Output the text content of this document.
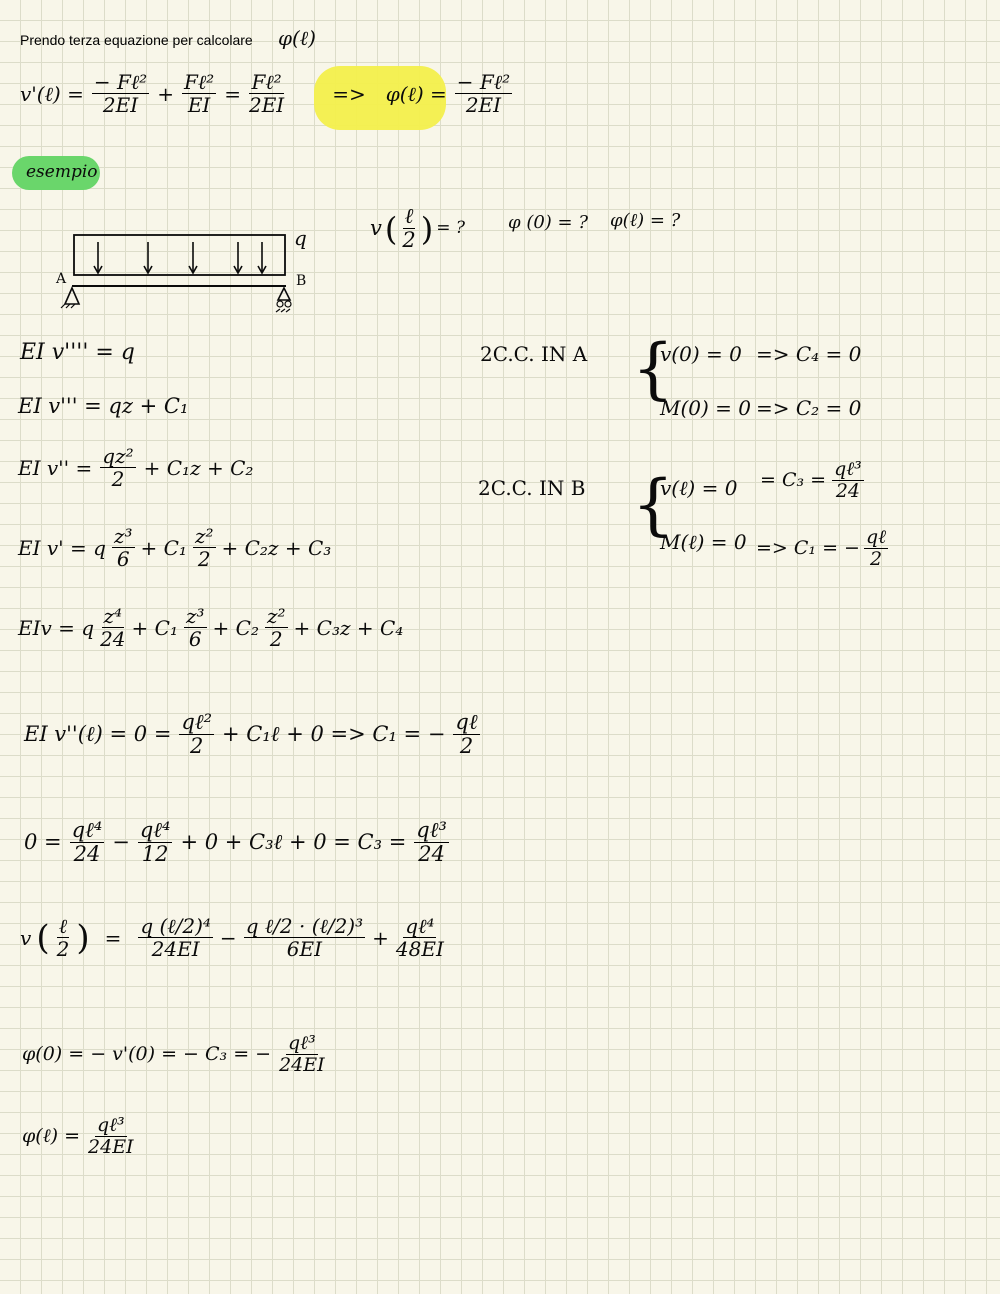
Prendo terza equazione per calcolare φ(ℓ)
v'(ℓ) = $\frac{\text{− Fℓ²}}{2EI} + \frac{\text{Fℓ²}}{EI} = \frac{\text{Fℓ²}}{2EI}$ => φ(ℓ) = $\frac{\text{− Fℓ²}}{2EI}$
esempio
A	B
q	v ( $\frac{\text{ℓ}}{2}$ ) = ? φ (0) = ? φ(ℓ) = ?
EI v'''' = q
EI v''' = qz + C₁
EI $v'' = \frac{\text{qz²}}{2} + C_1z + C_2$
EI v' = q $\frac{\text{z³}}{6} + C_1 \frac{\text{z²}}{2} + C_2z + C_3$
EIv = q $\frac{\text{z⁴}}{24} + C_1 \frac{\text{z³}}{6} + C_2 \frac{\text{z²}}{2} + C_3z + C_4$
2C.C. IN A {
v(0) = 0 => C₄ = 0
M(0) = 0 => C₂ = 0
2C.C. IN B {
v(ℓ) = $0 = C_3 = \frac{\text{qℓ³}}{24}$
M(ℓ) = 0 => C₁ = − $\frac{\text{qℓ}}{2}$
EI v''(ℓ) = $0 = \frac{\text{qℓ²}}{2}$ + C₁ℓ + 0 => C₁ = − $\frac{\text{qℓ}}{2}$
$0 = \frac{\text{qℓ⁴}}{24} - \frac{\text{qℓ⁴}}{12} + 0$ + C₃ℓ + $0 = C_3 = \frac{\text{qℓ³}}{24}$
v ( $\frac{\text{ℓ}}{2}$ ) = $\frac{\text{q (ℓ/2)⁴}}{24EI} - \frac{\text{q ℓ/2 · (ℓ/2)³}}{6EI} + \frac{\text{qℓ⁴}}{48EI}$
φ(0) = − v'(0) = − C₃ = − $\frac{\text{qℓ³}}{24EI}$
φ(ℓ) = $\frac{\text{qℓ³}}{24EI}$
